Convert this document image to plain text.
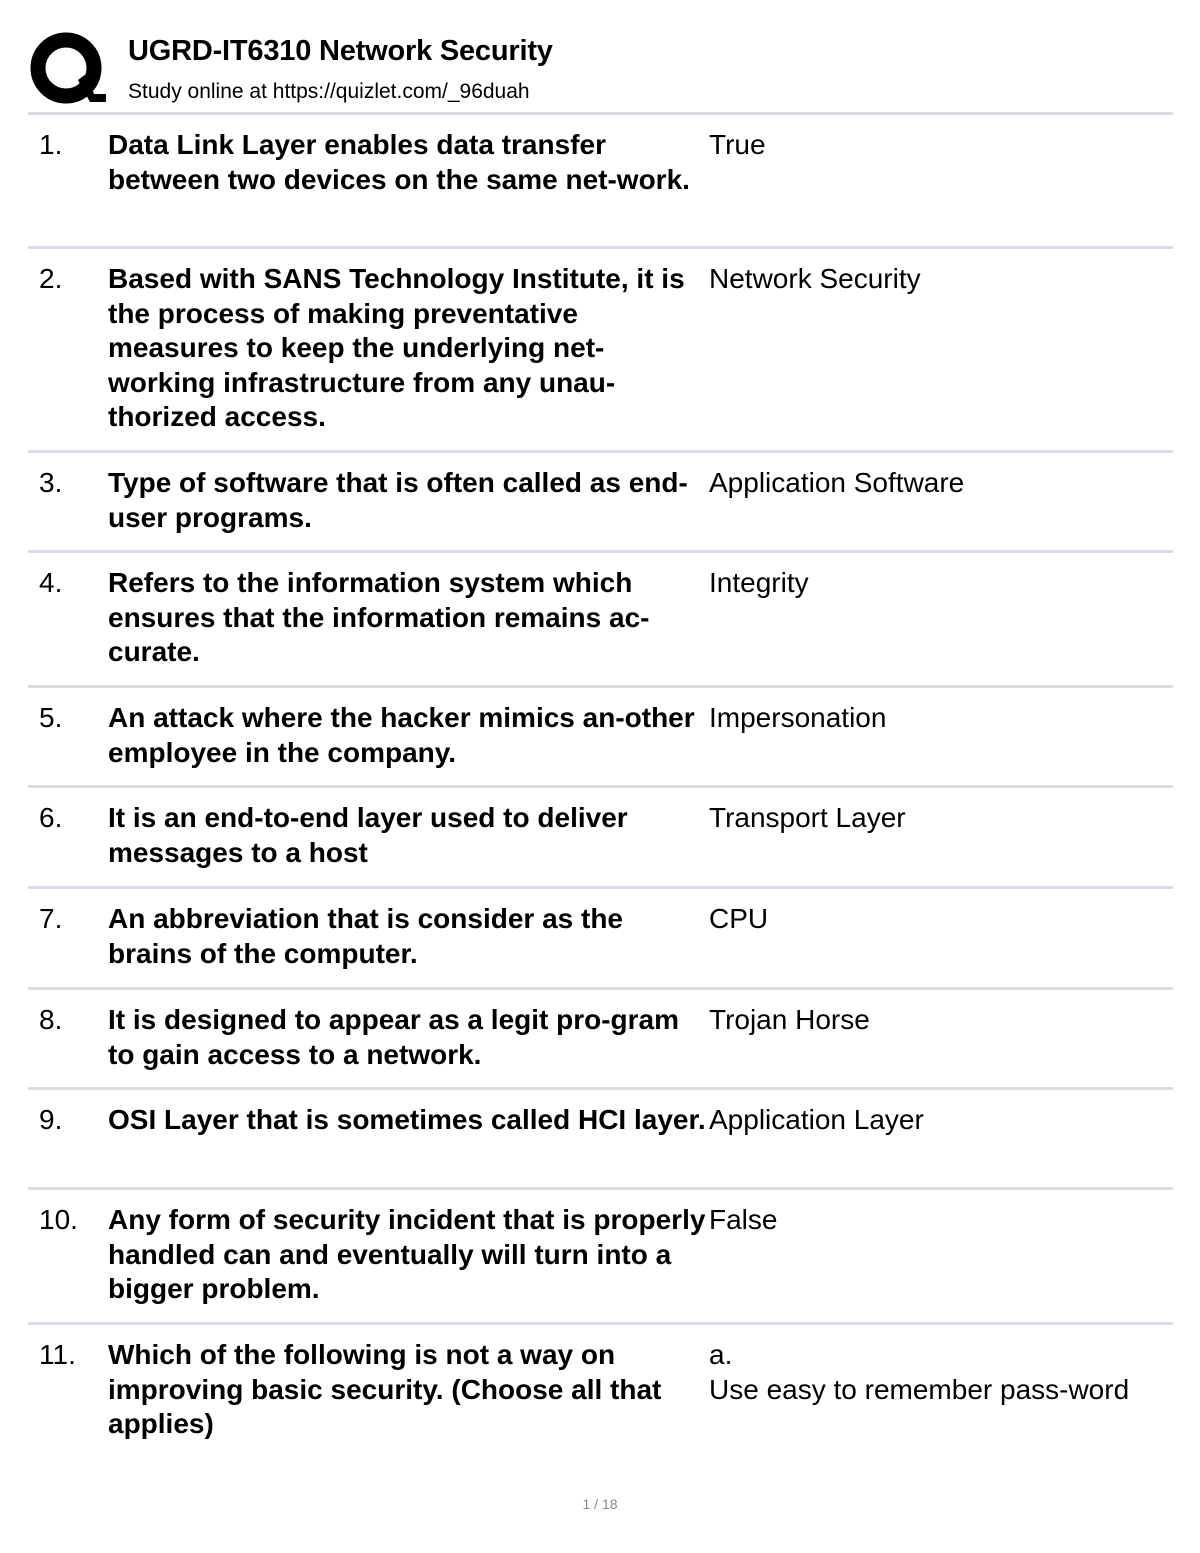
UGRD-IT6310 Network Security
Study online at https://quizlet.com/_96duah
1. Data Link Layer enables data transfer between two devices on the same net-work.
True
2. Based with SANS Technology Institute, it is the process of making preventative measures to keep the underlying net-working infrastructure from any unau-thorized access.
Network Security
3. Type of software that is often called as end-user programs.
Application Software
4. Refers to the information system which ensures that the information remains ac-curate.
Integrity
5. An attack where the hacker mimics an-other employee in the company.
Impersonation
6. It is an end-to-end layer used to deliver messages to a host
Transport Layer
7. An abbreviation that is consider as the brains of the computer.
CPU
8. It is designed to appear as a legit pro-gram to gain access to a network.
Trojan Horse
9. OSI Layer that is sometimes called HCI layer. Application Layer
10. Any form of security incident that is properly handled can and eventually will turn into a bigger problem.
False
11. Which of the following is not a way on improving basic security. (Choose all that applies)
a.
Use easy to remember pass-word
1 / 18
